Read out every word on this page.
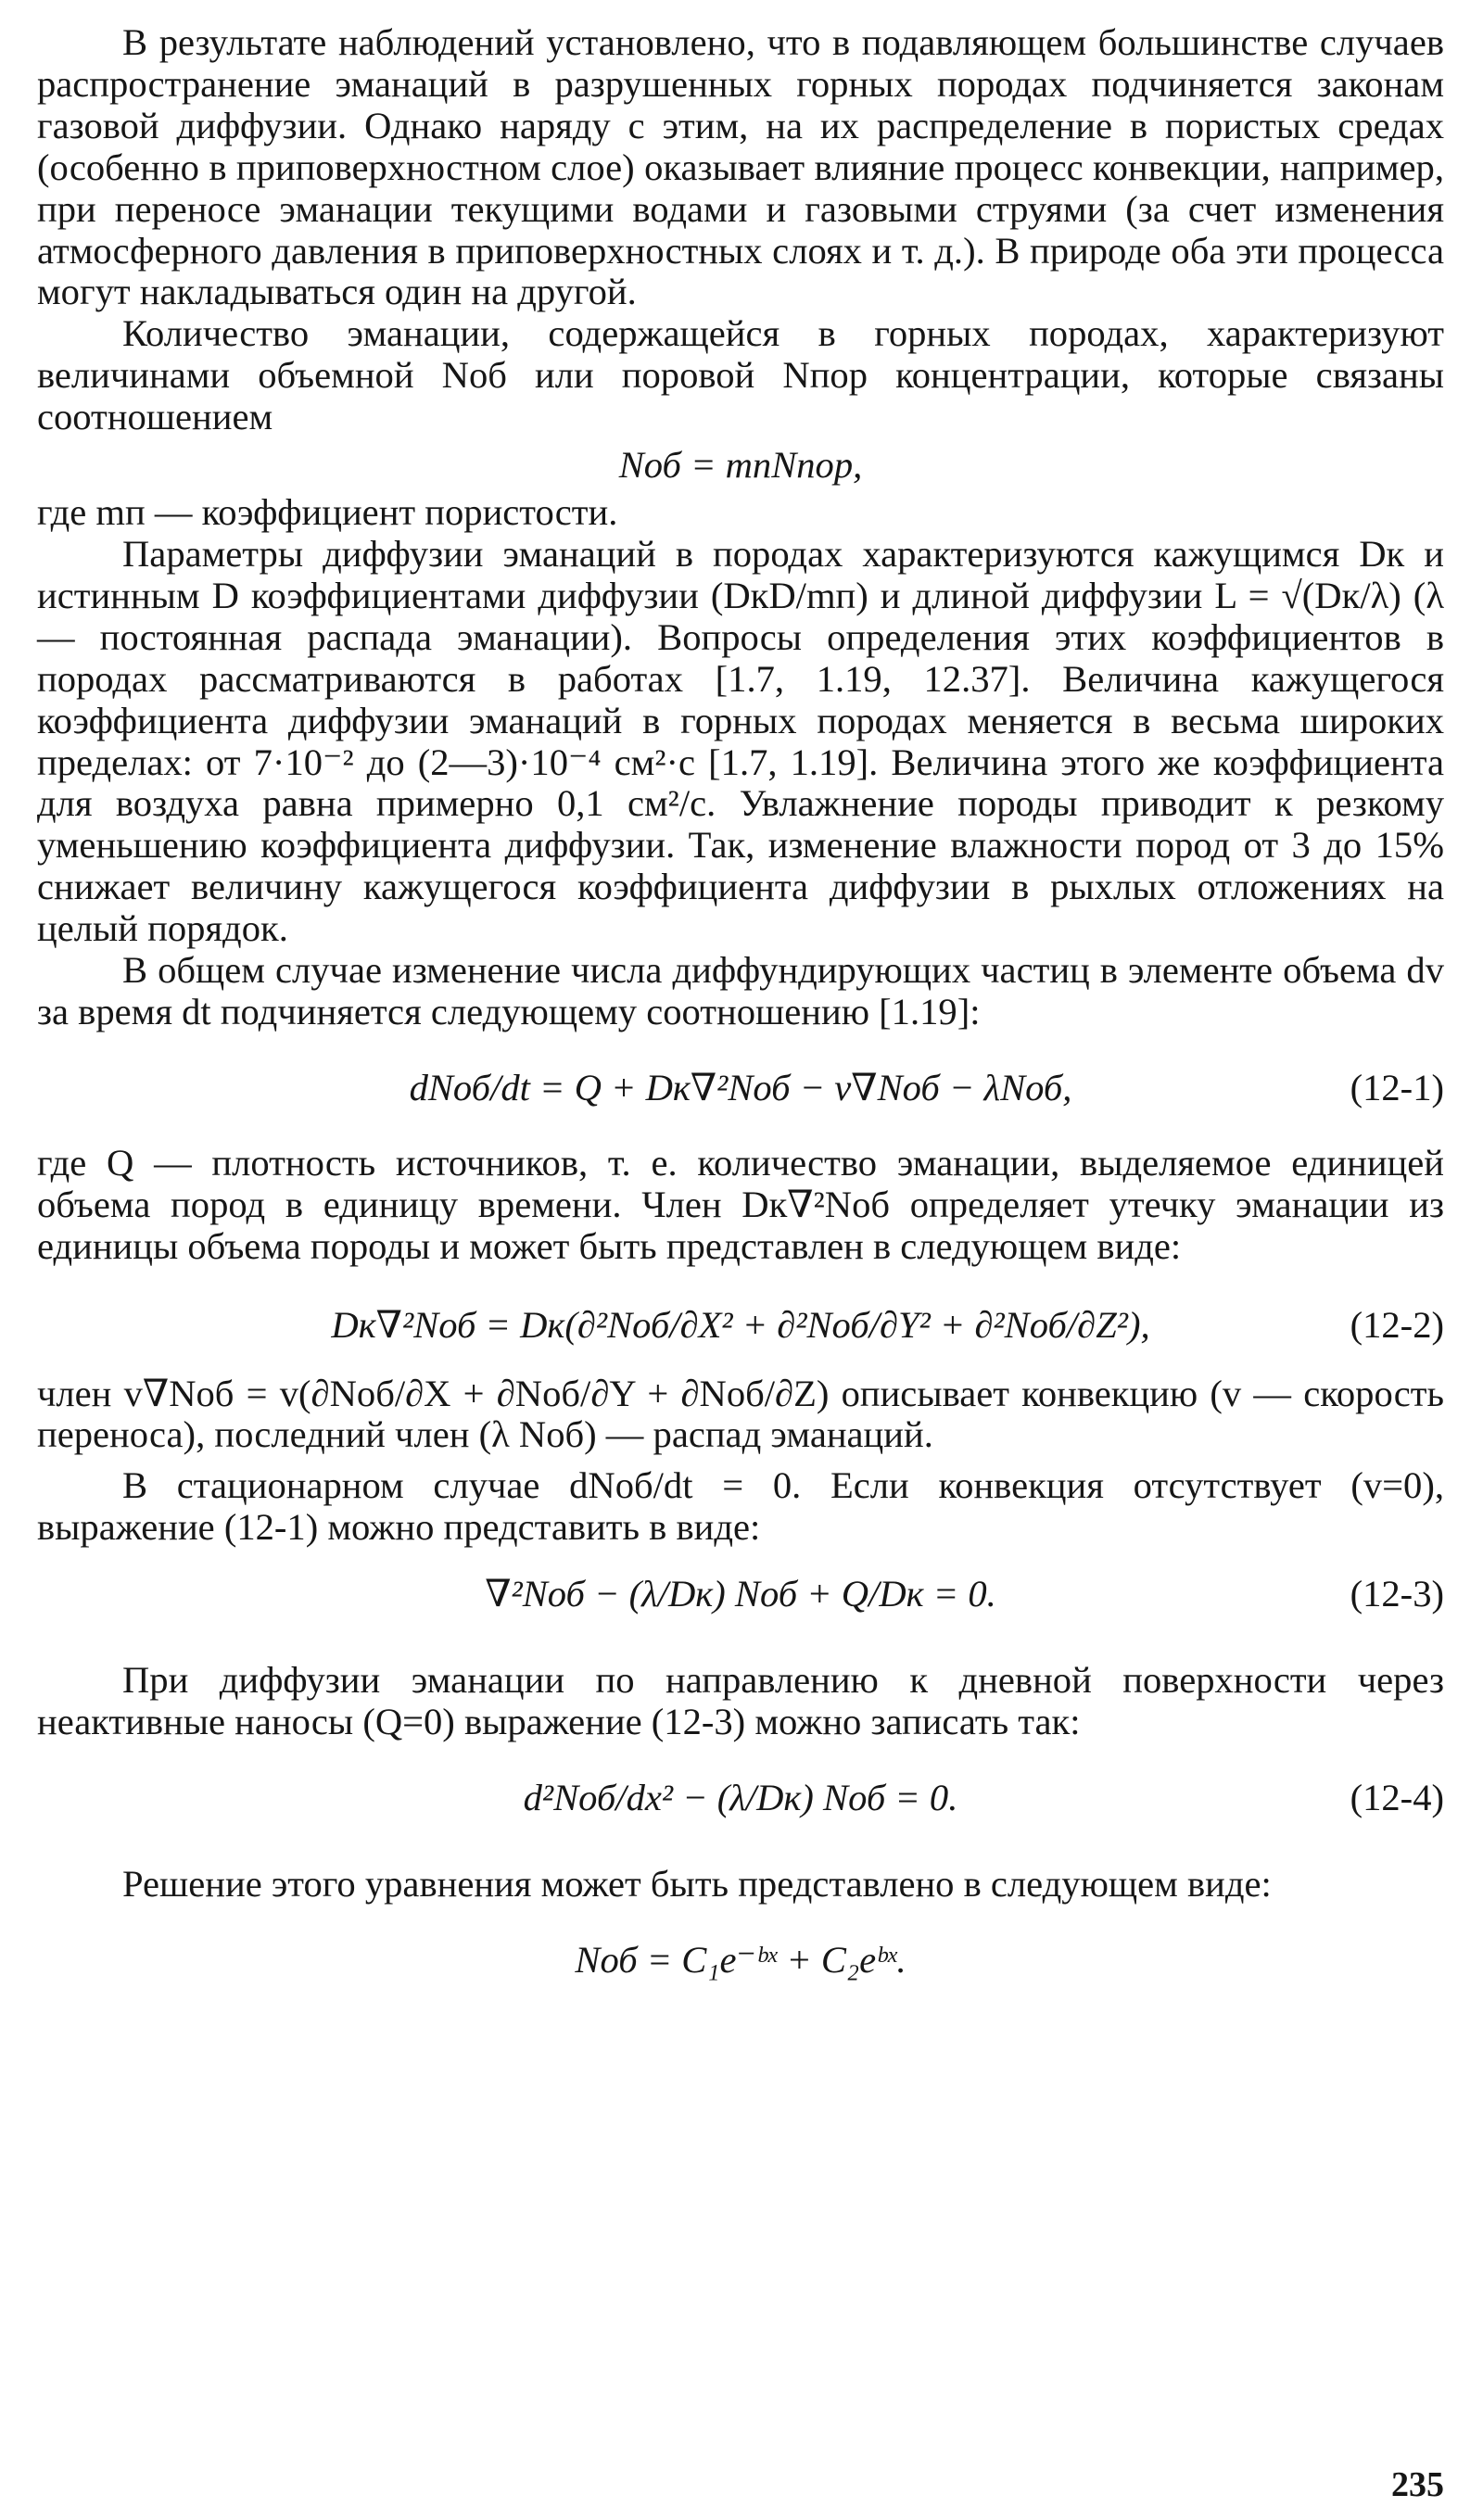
В результате наблюдений установлено, что в подавляющем большинстве случаев распространение эманаций в разрушенных горных породах подчиняется законам газовой диффузии. Однако наряду с этим, на их распределение в пористых средах (особенно в приповерхностном слое) оказывает влияние процесс конвекции, например, при переносе эманации текущими водами и газовыми струями (за счет изменения атмосферного давления в приповерхностных слоях и т. д.). В природе оба эти процесса могут накладываться один на другой.

Количество эманации, содержащейся в горных породах, характеризуют величинами объемной Nоб или поровой Nпор концентрации, которые связаны соотношением

Nоб = mпNпор,

где mп — коэффициент пористости.

Параметры диффузии эманаций в породах характеризуются кажущимся Dк и истинным D коэффициентами диффузии (DкD/mп) и длиной диффузии L = √(Dк/λ) (λ — постоянная распада эманации). Вопросы определения этих коэффициентов в породах рассматриваются в работах [1.7, 1.19, 12.37]. Величина кажущегося коэффициента диффузии эманаций в горных породах меняется в весьма широких пределах: от 7·10⁻² до (2—3)·10⁻⁴ см²·с [1.7, 1.19]. Величина этого же коэффициента для воздуха равна примерно 0,1 см²/с. Увлажнение породы приводит к резкому уменьшению коэффициента диффузии. Так, изменение влажности пород от 3 до 15% снижает величину кажущегося коэффициента диффузии в рыхлых отложениях на целый порядок.

В общем случае изменение числа диффундирующих частиц в элементе объема dv за время dt подчиняется следующему соотношению [1.19]:

dNоб/dt = Q + Dк∇²Nоб − v∇Nоб − λNоб,	(12-1)

где Q — плотность источников, т. е. количество эманации, выделяемое единицей объема пород в единицу времени. Член Dк∇²Nоб определяет утечку эманации из единицы объема породы и может быть представлен в следующем виде:

Dк∇²Nоб = Dк(∂²Nоб/∂X² + ∂²Nоб/∂Y² + ∂²Nоб/∂Z²),	(12-2)

член v∇Nоб = v(∂Nоб/∂X + ∂Nоб/∂Y + ∂Nоб/∂Z) описывает конвекцию (v — скорость переноса), последний член (λ Nоб) — распад эманаций.

В стационарном случае dNоб/dt = 0. Если конвекция отсутствует (v=0), выражение (12-1) можно представить в виде:

∇²Nоб − (λ/Dк) Nоб + Q/Dк = 0.	(12-3)

При диффузии эманации по направлению к дневной поверхности через неактивные наносы (Q=0) выражение (12-3) можно записать так:

d²Nоб/dx² − (λ/Dк) Nоб = 0.	(12-4)

Решение этого уравнения может быть представлено в следующем виде:

Nоб = C₁e⁻ᵇˣ + C₂eᵇˣ.
235
